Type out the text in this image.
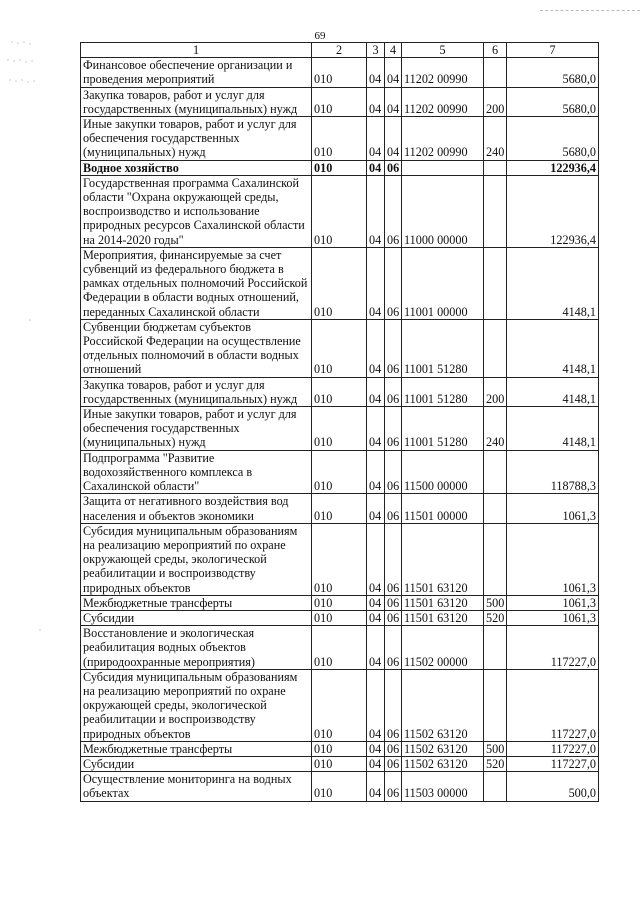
69
1	2	3	4	5	6	7
Финансовое обеспечение организации и проведения мероприятий	010	04	04	11202 00990		5680,0
Закупка товаров, работ и услуг для государственных (муниципальных) нужд	010	04	04	11202 00990	200	5680,0
Иные закупки товаров, работ и услуг для обеспечения государственных (муниципальных) нужд	010	04	04	11202 00990	240	5680,0
Водное хозяйство	010	04	06			122936,4
Государственная программа Сахалинской области "Охрана окружающей среды, воспроизводство и использование природных ресурсов Сахалинской области на 2014-2020 годы"	010	04	06	11000 00000		122936,4
Мероприятия, финансируемые за счет субвенций из федерального бюджета в рамках отдельных полномочий Российской Федерации в области водных отношений, переданных Сахалинской области	010	04	06	11001 00000		4148,1
Субвенции бюджетам субъектов Российской Федерации на осуществление отдельных полномочий в области водных отношений	010	04	06	11001 51280		4148,1
Закупка товаров, работ и услуг для государственных (муниципальных) нужд	010	04	06	11001 51280	200	4148,1
Иные закупки товаров, работ и услуг для обеспечения государственных (муниципальных) нужд	010	04	06	11001 51280	240	4148,1
Подпрограмма "Развитие водохозяйственного комплекса в Сахалинской области"	010	04	06	11500 00000		118788,3
Защита от негативного воздействия вод населения и объектов экономики	010	04	06	11501 00000		1061,3
Субсидия муниципальным образованиям на реализацию мероприятий по охране окружающей среды, экологической реабилитации и воспроизводству природных объектов	010	04	06	11501 63120		1061,3
Межбюджетные трансферты	010	04	06	11501 63120	500	1061,3
Субсидии	010	04	06	11501 63120	520	1061,3
Восстановление и экологическая реабилитация водных объектов (природоохранные мероприятия)	010	04	06	11502 00000		117227,0
Субсидия муниципальным образованиям на реализацию мероприятий по охране окружающей среды, экологической реабилитации и воспроизводству природных объектов	010	04	06	11502 63120		117227,0
Межбюджетные трансферты	010	04	06	11502 63120	500	117227,0
Субсидии	010	04	06	11502 63120	520	117227,0
Осуществление мониторинга на водных объектах	010	04	06	11503 00000		500,0
